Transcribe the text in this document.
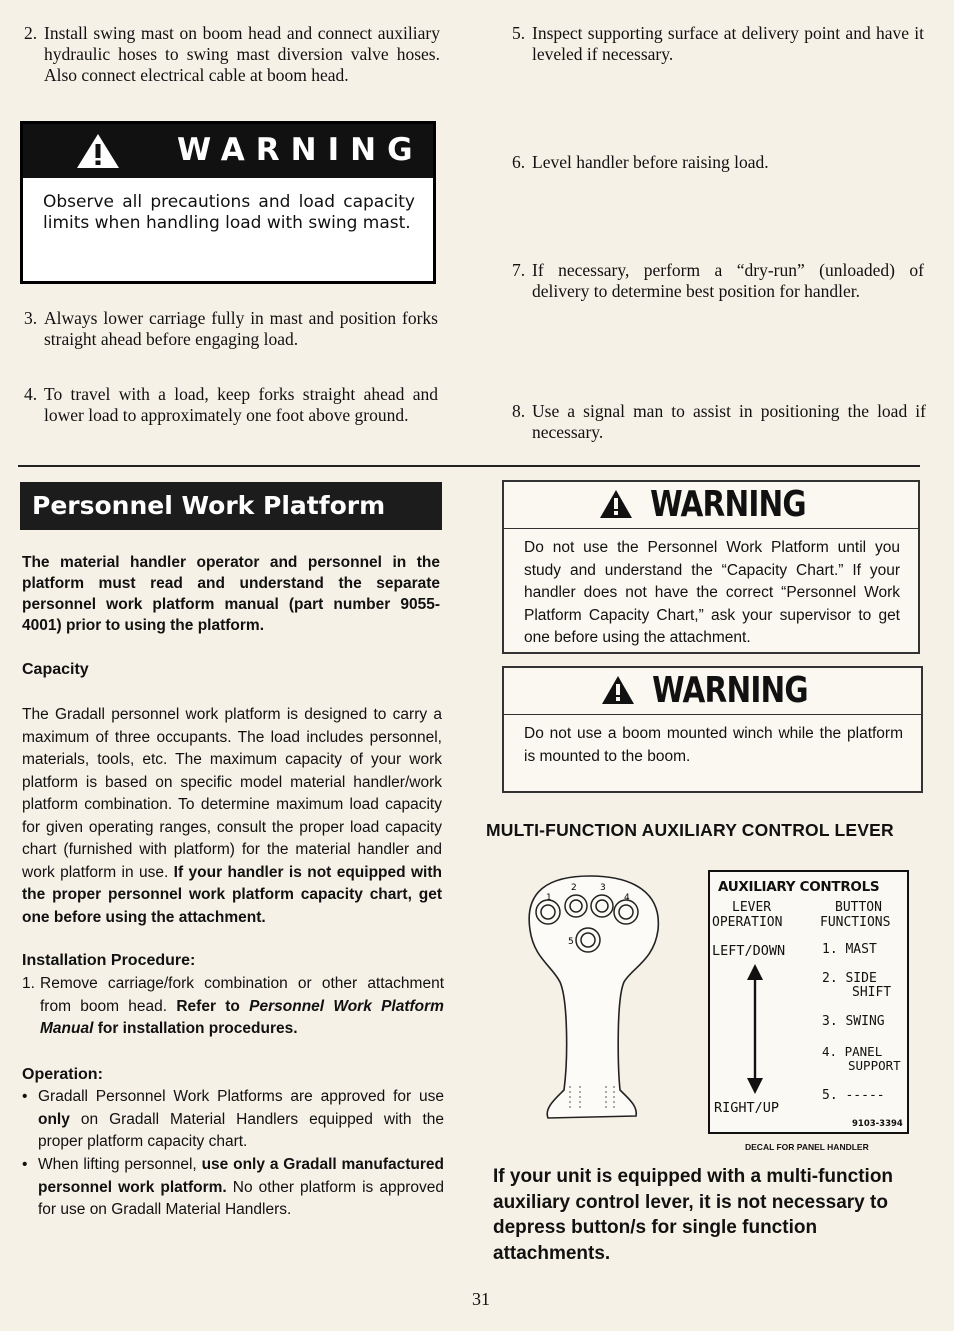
2. Install swing mast on boom head and connect auxiliary hydraulic hoses to swing mast diversion valve hoses. Also connect electrical cable at boom head.
WARNING
Observe all precautions and load capacity limits when handling load with swing mast.
3. Always lower carriage fully in mast and position forks straight ahead before engaging load.
4. To travel with a load, keep forks straight ahead and lower load to approximately one foot above ground.
5. Inspect supporting surface at delivery point and have it leveled if necessary.
6. Level handler before raising load.
7. If necessary, perform a “dry-run” (unloaded) of delivery to determine best position for handler.
8. Use a signal man to assist in positioning the load if necessary.
Personnel Work Platform
The material handler operator and personnel in the platform must read and understand the separate personnel work platform manual (part number 9055-4001) prior to using the platform.
Capacity
The Gradall personnel work platform is designed to carry a maximum of three occupants. The load includes personnel, materials, tools, etc. The maximum capacity of your work platform is based on specific model material handler/work platform combination. To determine maximum load capacity for given operating ranges, consult the proper load capacity chart (furnished with platform) for the material handler and work platform in use. If your handler is not equipped with the proper personnel work platform capacity chart, get one before using the attachment.
Installation Procedure:
1. Remove carriage/fork combination or other attachment from boom head. Refer to Personnel Work Platform Manual for installation procedures.
Operation:
• Gradall Personnel Work Platforms are approved for use only on Gradall Material Handlers equipped with the proper platform capacity chart.
• When lifting personnel, use only a Gradall manufactured personnel work platform. No other platform is approved for use on Gradall Material Handlers.
WARNING
Do not use the Personnel Work Platform until you study and understand the “Capacity Chart.” If your handler does not have the correct “Personnel Work Platform Capacity Chart,” ask your supervisor to get one before using the attachment.
WARNING
Do not use a boom mounted winch while the platform is mounted to the boom.
MULTI-FUNCTION AUXILIARY CONTROL LEVER
1
2	3
4
5
AUXILIARY CONTROLS
LEVER
OPERATION
BUTTON
FUNCTIONS
LEFT/DOWN
RIGHT/UP
1. MAST
2. SIDE
SHIFT
3. SWING
4. PANEL
SUPPORT
5. -----
9103-3394
DECAL FOR PANEL HANDLER
If your unit is equipped with a multi-function auxiliary control lever, it is not necessary to depress button/s for single function attachments.
31
